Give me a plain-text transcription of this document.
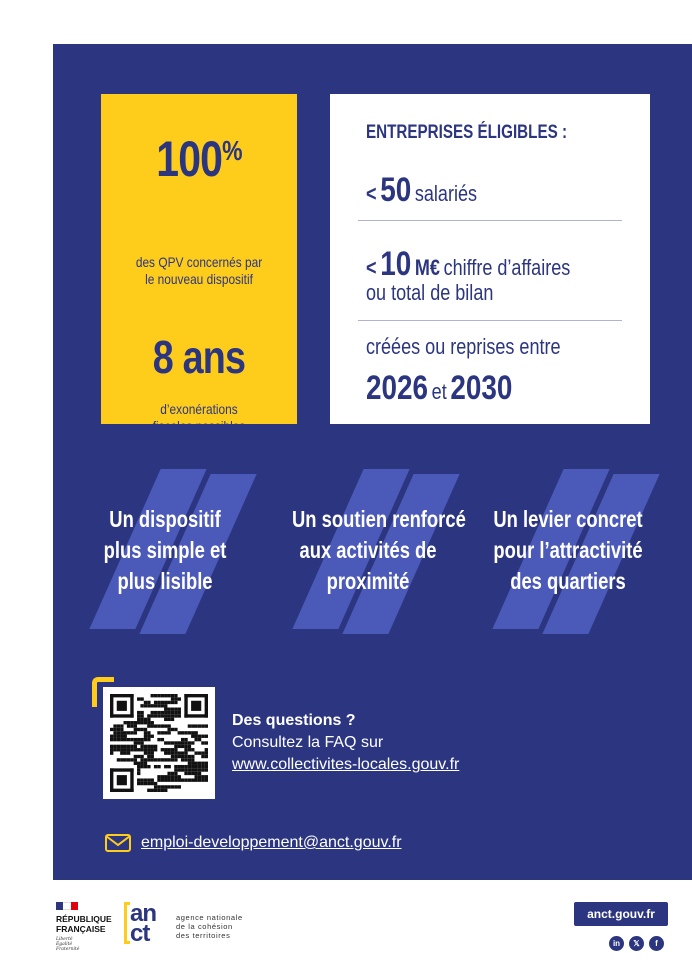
100%
des QPV concernés par
le nouveau dispositif
8 ans
d’exonérations
fiscales possibles
ENTREPRISES ÉLIGIBLES :
< 50 salariés
< 10 M€ chiffre d’affaires
ou total de bilan
créées ou reprises entre
2026 et 2030
Un dispositif
plus simple et
plus lisible
Un soutien renforcé
aux activités de
proximité
Un levier concret
pour l’attractivité
des quartiers
Des questions ?
Consultez la FAQ sur
www.collectivites-locales.gouv.fr
emploi-developpement@anct.gouv.fr
RÉPUBLIQUE
FRANÇAISE
Liberté
Égalité
Fraternité
an
ct
agence nationale
de la cohésion
des territoires
anct.gouv.fr
in	𝕏	f
